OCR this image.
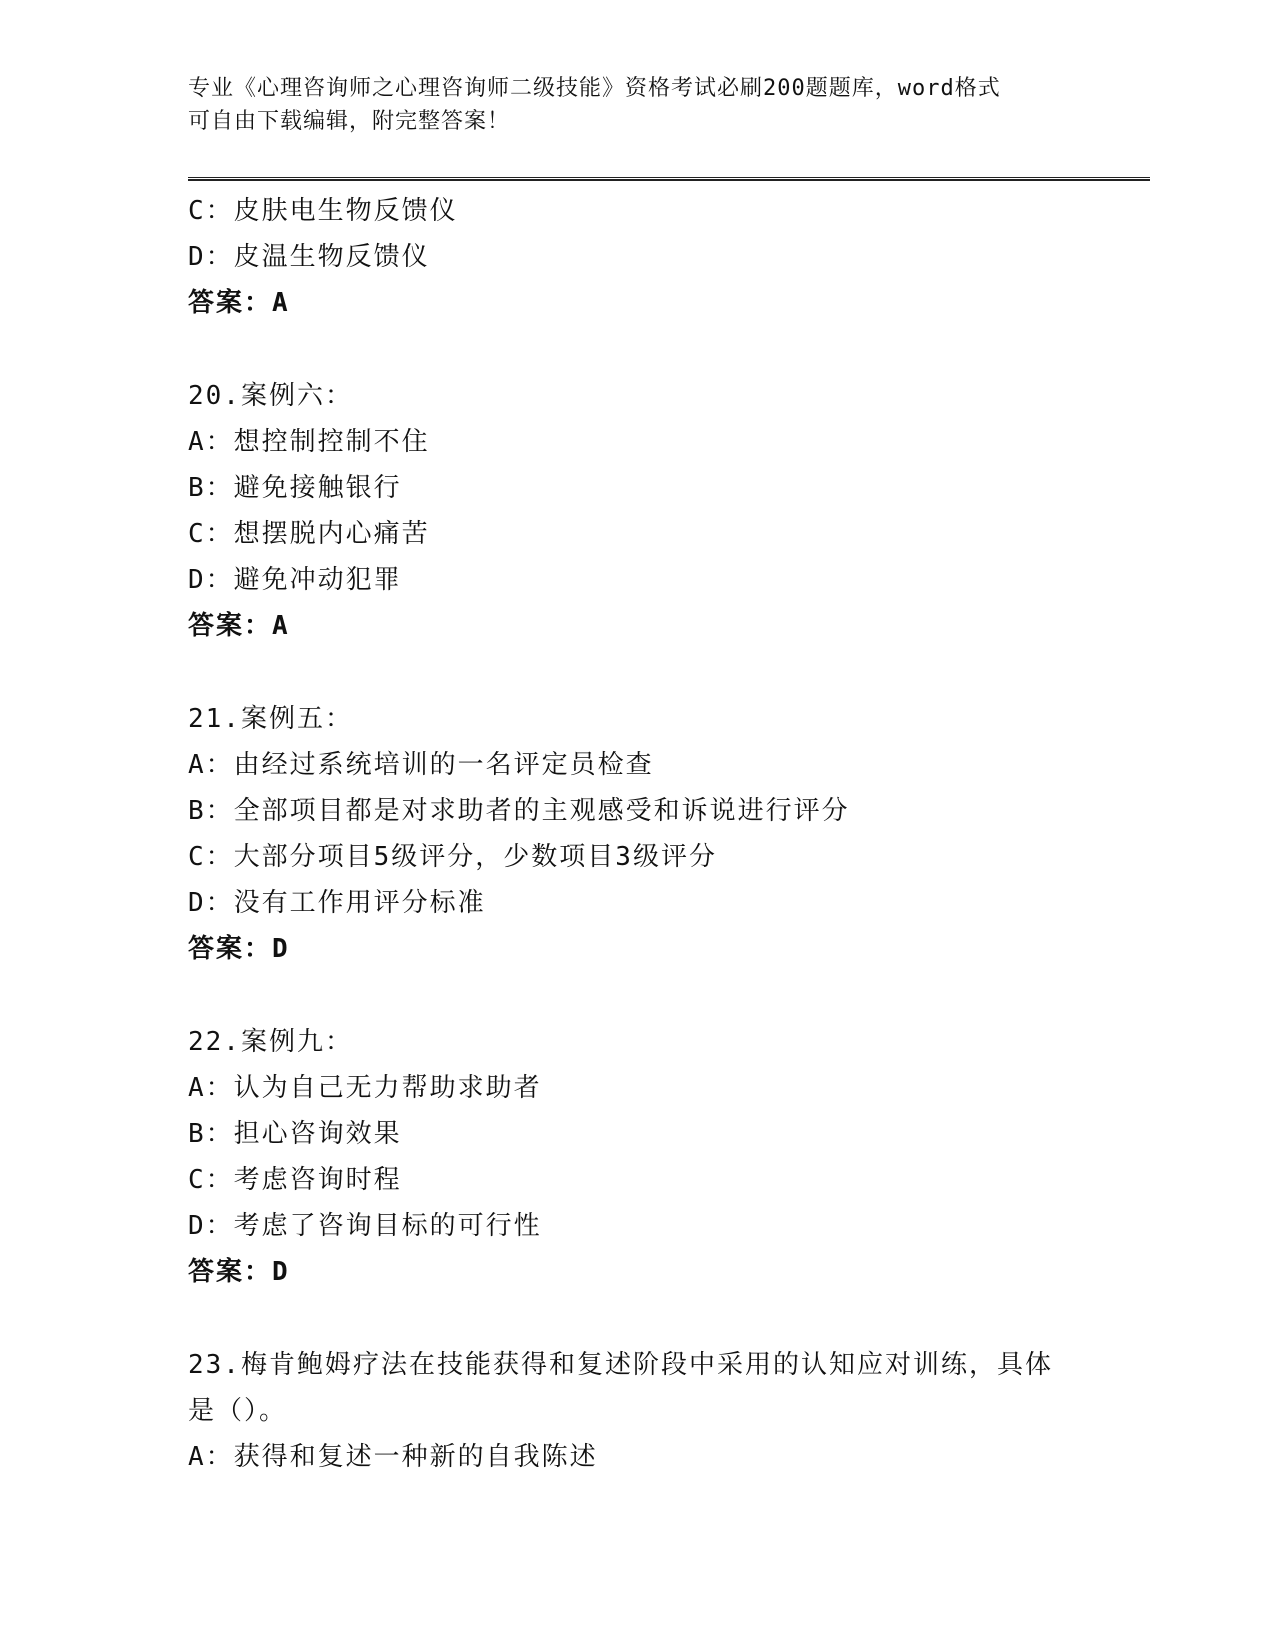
专业《心理咨询师之心理咨询师二级技能》资格考试必刷200题题库，word格式
可自由下载编辑，附完整答案！
C：皮肤电生物反馈仪
D：皮温生物反馈仪
答案：A
20.案例六：
A：想控制控制不住
B：避免接触银行
C：想摆脱内心痛苦
D：避免冲动犯罪
答案：A
21.案例五：
A：由经过系统培训的一名评定员检查
B：全部项目都是对求助者的主观感受和诉说进行评分
C：大部分项目5级评分，少数项目3级评分
D：没有工作用评分标准
答案：D
22.案例九：
A：认为自己无力帮助求助者
B：担心咨询效果
C：考虑咨询时程
D：考虑了咨询目标的可行性
答案：D
23.梅肯鲍姆疗法在技能获得和复述阶段中采用的认知应对训练，具体
是（）。
A：获得和复述一种新的自我陈述
